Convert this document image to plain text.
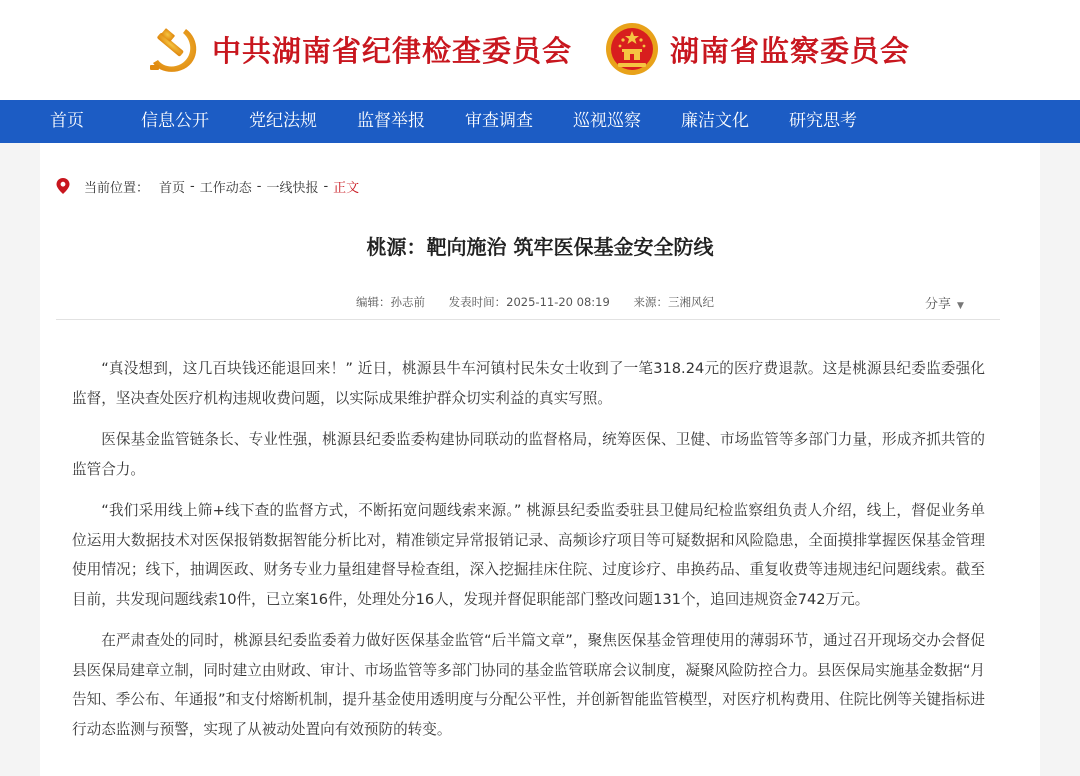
中共湖南省纪律检查委员会	湖南省监察委员会
首页	信息公开 党纪法规 监督举报 审查调查 巡视巡察 廉洁文化 研究思考
当前位置： 首页 - 工作动态 - 一线快报 - 正文
桃源：靶向施治 筑牢医保基金安全防线
编辑：孙志前 发表时间：2025-11-20 08:19 来源：三湘风纪	分享 ▼

“真没想到，这几百块钱还能退回来！” 近日，桃源县牛车河镇村民朱女士收到了一笔318.24元的医疗费退款。这是桃源县纪委监委强化监督，坚决查处医疗机构违规收费问题，以实际成果维护群众切实利益的真实写照。

医保基金监管链条长、专业性强，桃源县纪委监委构建协同联动的监督格局，统筹医保、卫健、市场监管等多部门力量，形成齐抓共管的监管合力。

“我们采用线上筛+线下查的监督方式，不断拓宽问题线索来源。” 桃源县纪委监委驻县卫健局纪检监察组负责人介绍，线上，督促业务单位运用大数据技术对医保报销数据智能分析比对，精准锁定异常报销记录、高频诊疗项目等可疑数据和风险隐患，全面摸排掌握医保基金管理使用情况；线下，抽调医政、财务专业力量组建督导检查组，深入挖掘挂床住院、过度诊疗、串换药品、重复收费等违规违纪问题线索。截至目前，共发现问题线索10件，已立案16件，处理处分16人，发现并督促职能部门整改问题131个，追回违规资金742万元。

在严肃查处的同时，桃源县纪委监委着力做好医保基金监管“后半篇文章”，聚焦医保基金管理使用的薄弱环节，通过召开现场交办会督促县医保局建章立制，同时建立由财政、审计、市场监管等多部门协同的基金监管联席会议制度，凝聚风险防控合力。县医保局实施基金数据“月告知、季公布、年通报”和支付熔断机制，提升基金使用透明度与分配公平性，并创新智能监管模型，对医疗机构费用、住院比例等关键指标进行动态监测与预警，实现了从被动处置向有效预防的转变。
